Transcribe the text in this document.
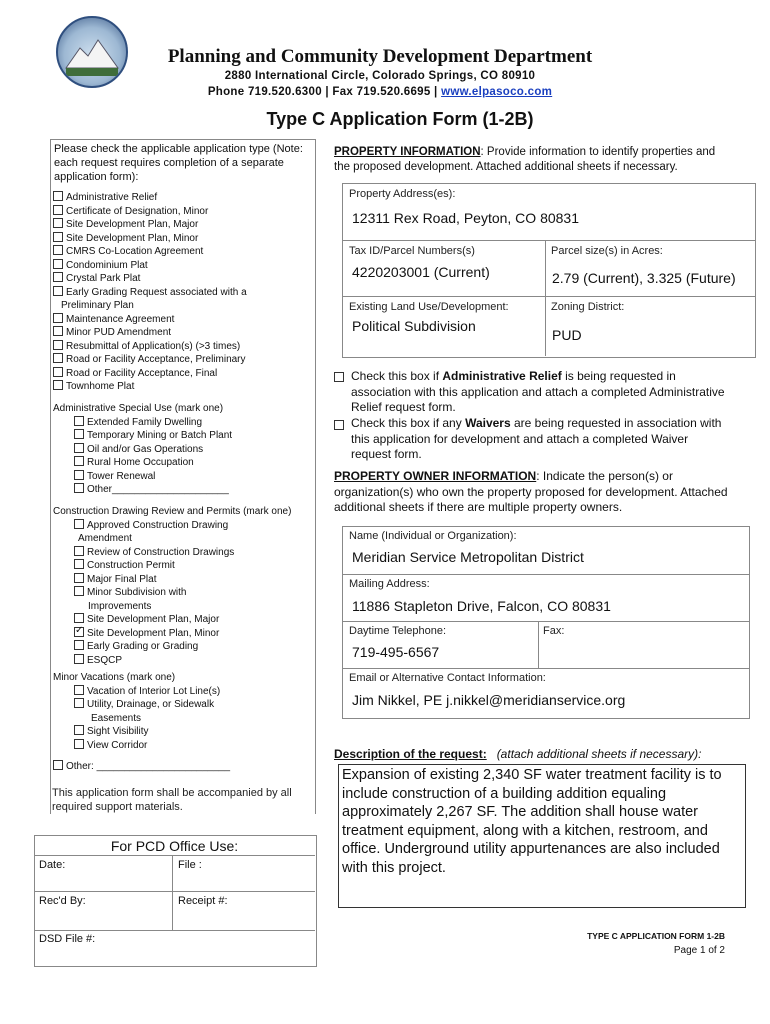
Planning and Community Development Department
2880 International Circle, Colorado Springs, CO 80910
Phone 719.520.6300 | Fax 719.520.6695 | www.elpasoco.com
Type C Application Form (1-2B)
Please check the applicable application type (Note: each request requires completion of a separate application form):
Administrative Relief
Certificate of Designation, Minor
Site Development Plan, Major
Site Development Plan, Minor
CMRS Co-Location Agreement
Condominium Plat
Crystal Park Plat
Early Grading Request associated with a
Preliminary Plan
Maintenance Agreement
Minor PUD Amendment
Resubmittal of Application(s) (>3 times)
Road or Facility Acceptance, Preliminary
Road or Facility Acceptance, Final
Townhome Plat
Administrative Special Use (mark one)
Extended Family Dwelling
Temporary Mining or Batch Plant
Oil and/or Gas Operations
Rural Home Occupation
Tower Renewal
Other_____________________
Construction Drawing Review and Permits (mark one)
Approved Construction Drawing
Amendment
Review of Construction Drawings
Construction Permit
Major Final Plat
Minor Subdivision with
Improvements
Site Development Plan, Major
✓Site Development Plan, Minor
Early Grading or Grading
ESQCP
Minor Vacations (mark one)
Vacation of Interior Lot Line(s)
Utility, Drainage, or Sidewalk
Easements
Sight Visibility
View Corridor
Other: ________________________
This application form shall be accompanied by all required support materials.
For PCD Office Use:
Date:	File :
Rec'd By:	Receipt #:
DSD File #:
PROPERTY INFORMATION: Provide information to identify properties and the proposed development. Attached additional sheets if necessary.
Property Address(es):
12311 Rex Road, Peyton, CO 80831
Tax ID/Parcel Numbers(s)
4220203001 (Current)
Parcel size(s) in Acres:
2.79 (Current), 3.325 (Future)
Existing Land Use/Development:
Political Subdivision
Zoning District:
PUD
Check this box if Administrative Relief is being requested in association with this application and attach a completed Administrative Relief request form.
Check this box if any Waivers are being requested in association with this application for development and attach a completed Waiver request form.
PROPERTY OWNER INFORMATION: Indicate the person(s) or organization(s) who own the property proposed for development. Attached additional sheets if there are multiple property owners.
Name (Individual or Organization):
Meridian Service Metropolitan District
Mailing Address:
11886 Stapleton Drive, Falcon, CO 80831
Daytime Telephone:
719-495-6567
Fax:
Email or Alternative Contact Information:
Jim Nikkel, PE j.nikkel@meridianservice.org
Description of the request: (attach additional sheets if necessary):
Expansion of existing 2,340 SF water treatment facility is to include construction of a building addition equaling approximately 2,267 SF. The addition shall house water treatment equipment, along with a kitchen, restroom, and office. Underground utility appurtenances are also included with this project.
TYPE C APPLICATION FORM 1-2B
Page 1 of 2
